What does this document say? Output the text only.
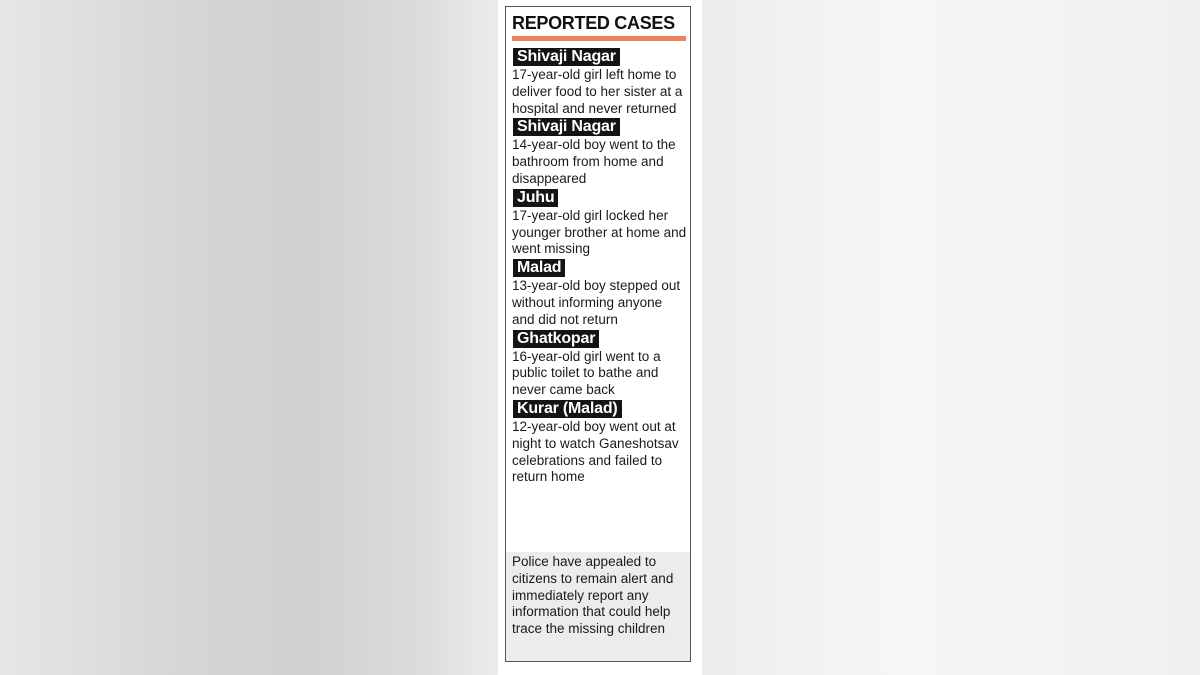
REPORTED CASES
Shivaji Nagar
17-year-old girl left home to deliver food to her sister at a hospital and never returned
Shivaji Nagar
14-year-old boy went to the bathroom from home and disappeared
Juhu
17-year-old girl locked her younger brother at home and went missing
Malad
13-year-old boy stepped out without informing anyone and did not return
Ghatkopar
16-year-old girl went to a public toilet to bathe and never came back
Kurar (Malad)
12-year-old boy went out at night to watch Ganeshotsav celebrations and failed to return home
Police have appealed to citizens to remain alert and immediately report any information that could help trace the missing children
